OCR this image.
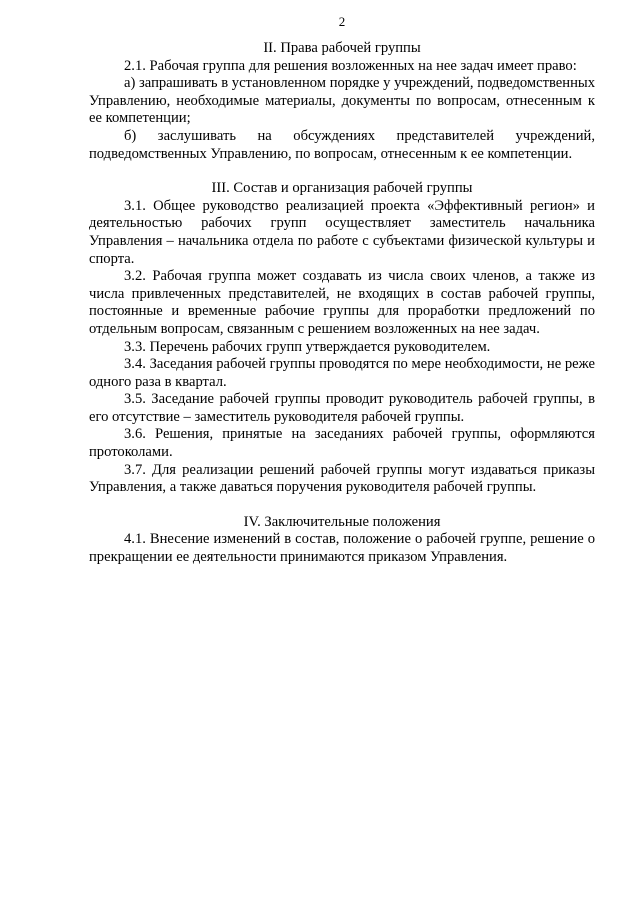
2

II. Права рабочей группы

2.1. Рабочая группа для решения возложенных на нее задач имеет право:

а) запрашивать в установленном порядке у учреждений, подведомственных Управлению, необходимые материалы, документы по вопросам, отнесенным к ее компетенции;

б) заслушивать на обсуждениях представителей учреждений, подведомственных Управлению, по вопросам, отнесенным к ее компетенции.

III. Состав и организация рабочей группы

3.1. Общее руководство реализацией проекта «Эффективный регион» и деятельностью рабочих групп осуществляет заместитель начальника Управления – начальника отдела по работе с субъектами физической культуры и спорта.

3.2. Рабочая группа может создавать из числа своих членов, а также из числа привлеченных представителей, не входящих в состав рабочей группы, постоянные и временные рабочие группы для проработки предложений по отдельным вопросам, связанным с решением возложенных на нее задач.

3.3. Перечень рабочих групп утверждается руководителем.

3.4. Заседания рабочей группы проводятся по мере необходимости, не реже одного раза в квартал.

3.5. Заседание рабочей группы проводит руководитель рабочей группы, в его отсутствие – заместитель руководителя рабочей группы.

3.6. Решения, принятые на заседаниях рабочей группы, оформляются протоколами.

3.7. Для реализации решений рабочей группы могут издаваться приказы Управления, а также даваться поручения руководителя рабочей группы.

IV. Заключительные положения

4.1. Внесение изменений в состав, положение о рабочей группе, решение о прекращении ее деятельности принимаются приказом Управления.
